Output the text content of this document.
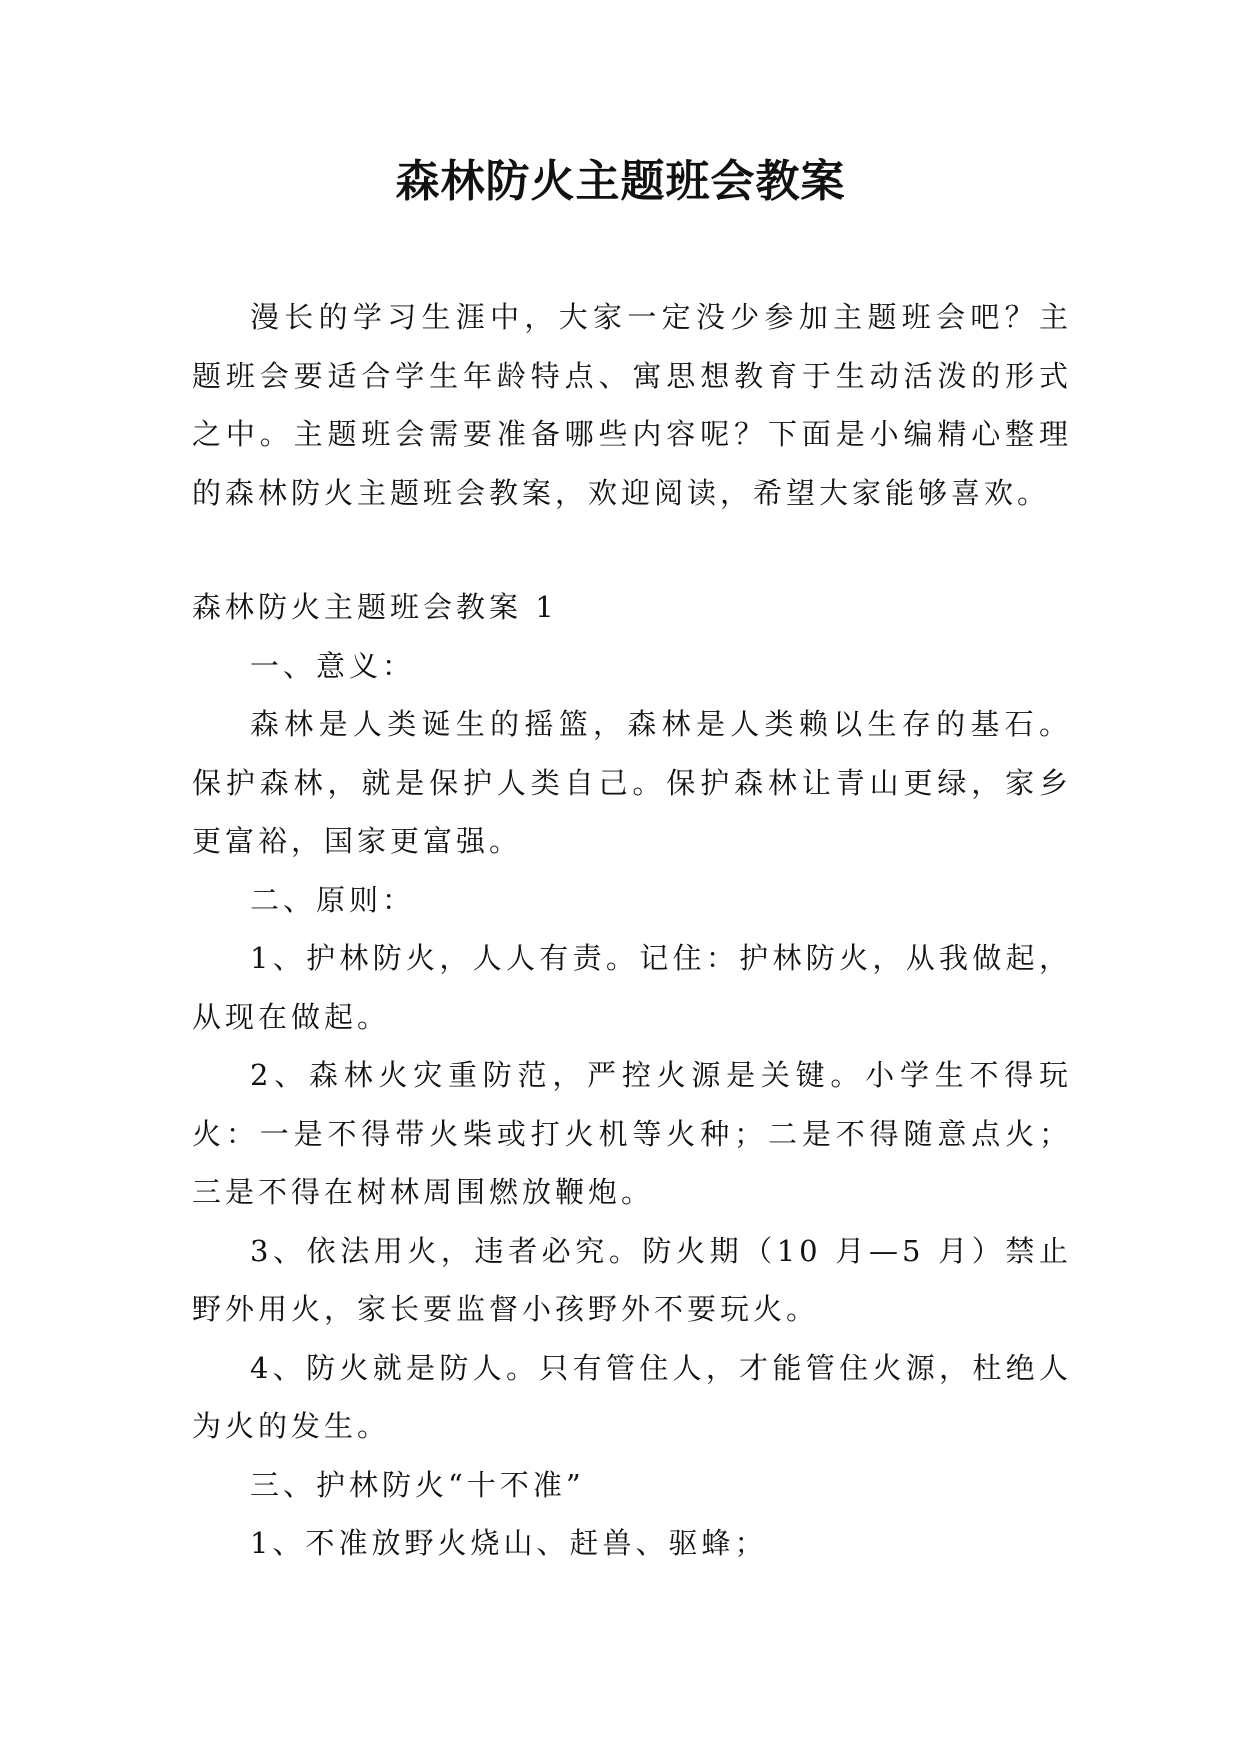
森林防火主题班会教案

漫长的学习生涯中，大家一定没少参加主题班会吧？主题班会要适合学生年龄特点、寓思想教育于生动活泼的形式之中。主题班会需要准备哪些内容呢？下面是小编精心整理的森林防火主题班会教案，欢迎阅读，希望大家能够喜欢。

森林防火主题班会教案 1

一、意义：

森林是人类诞生的摇篮，森林是人类赖以生存的基石。保护森林，就是保护人类自己。保护森林让青山更绿，家乡更富裕，国家更富强。

二、原则：

1、护林防火，人人有责。记住：护林防火，从我做起，从现在做起。

2、森林火灾重防范，严控火源是关键。小学生不得玩火：一是不得带火柴或打火机等火种；二是不得随意点火；三是不得在树林周围燃放鞭炮。

3、依法用火，违者必究。防火期（10 月—5 月）禁止野外用火，家长要监督小孩野外不要玩火。

4、防火就是防人。只有管住人，才能管住火源，杜绝人为火的发生。

三、护林防火“十不准”

1、不准放野火烧山、赶兽、驱蜂；
